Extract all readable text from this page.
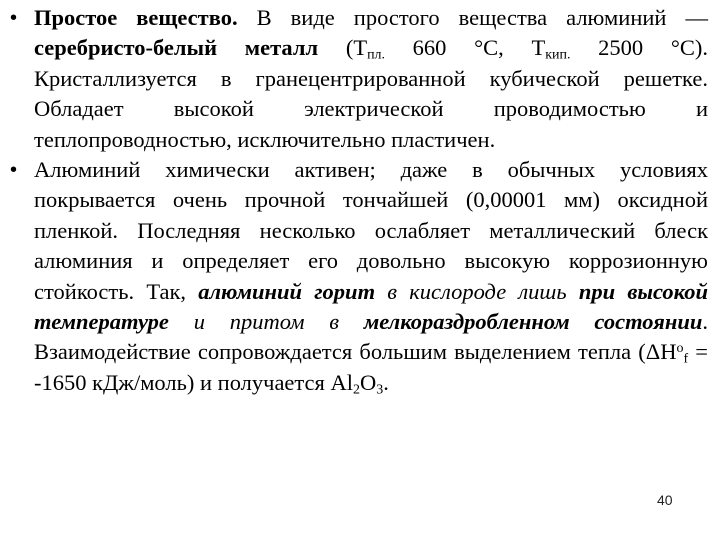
• Простое вещество. В виде простого вещества алюминий — серебристо-белый металл ($Т_{пл.}$ 660 °С, $Т_{кип.}$ 2500 °С). Кристаллизуется в гранецентрированной кубической решетке. Обладает высокой электрической проводимостью и теплопроводностью, исключительно пластичен.
• Алюминий химически активен; даже в обычных условиях покрывается очень прочной тончайшей (0,00001 мм) оксидной пленкой. Последняя несколько ослабляет металлический блеск алюминия и определяет его довольно высокую коррозионную стойкость. Так, алюминий горит в кислороде лишь при высокой температуре и притом в мелкораздробленном состоянии. Взаимодействие сопровождается большим выделением тепла ($\Delta Н^о_f = -1650$ кДж/моль) и получается $Al_2O_3$.
40
